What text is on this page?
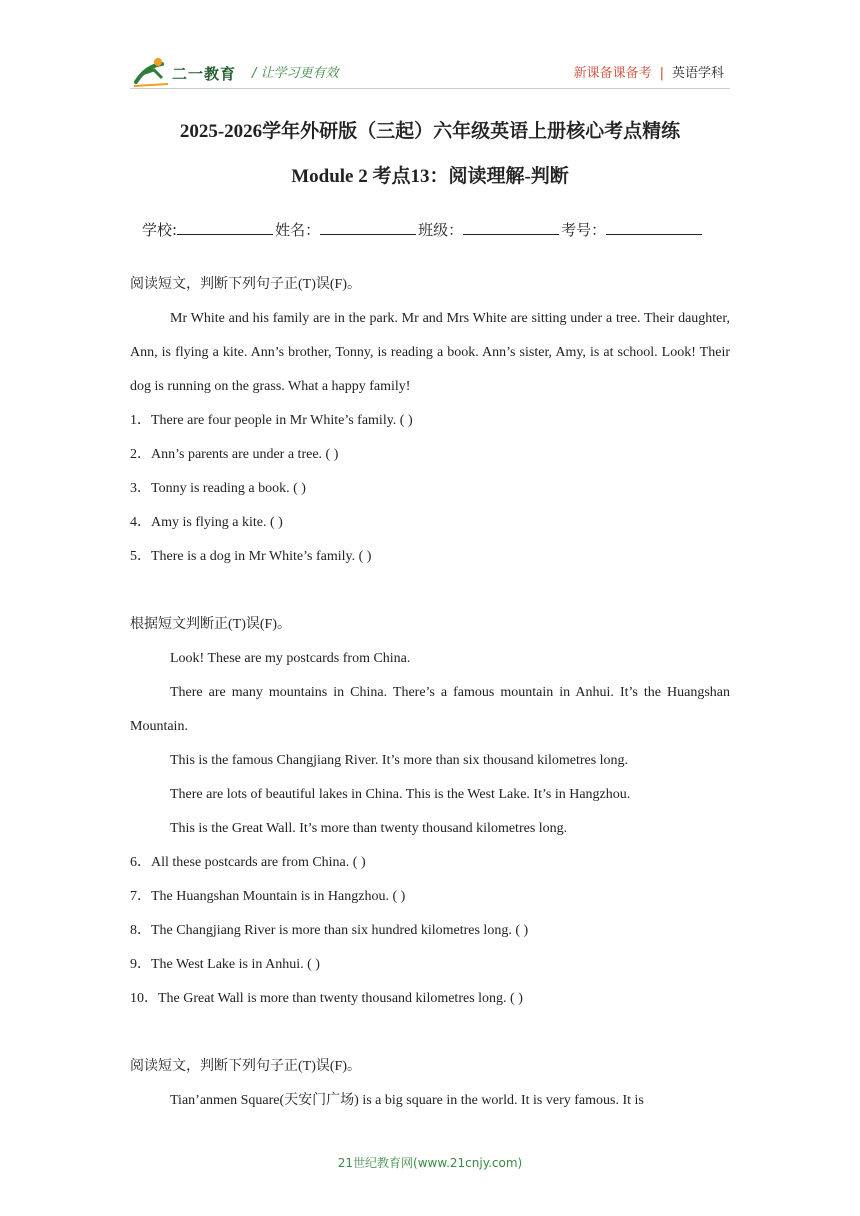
二一教育 / 让学习更有效	新课备课备考 | 英语学科
2025-2026学年外研版（三起）六年级英语上册核心考点精练
Module 2 考点13：阅读理解-判断
学校:	姓名：	班级：	考号：

阅读短文，判断下列句子正(T)误(F)。

Mr White and his family are in the park. Mr and Mrs White are sitting under a tree. Their daughter, Ann, is flying a kite. Ann’s brother, Tonny, is reading a book. Ann’s sister, Amy, is at school. Look! Their dog is running on the grass. What a happy family!

1．There are four people in Mr White’s family. ( )

2．Ann’s parents are under a tree. ( )

3．Tonny is reading a book. ( )

4．Amy is flying a kite. ( )

5．There is a dog in Mr White’s family. ( )

根据短文判断正(T)误(F)。

Look! These are my postcards from China.

There are many mountains in China. There’s a famous mountain in Anhui. It’s the Huangshan Mountain.

This is the famous Changjiang River. It’s more than six thousand kilometres long.

There are lots of beautiful lakes in China. This is the West Lake. It’s in Hangzhou.

This is the Great Wall. It’s more than twenty thousand kilometres long.

6．All these postcards are from China. ( )

7．The Huangshan Mountain is in Hangzhou. ( )

8．The Changjiang River is more than six hundred kilometres long. ( )

9．The West Lake is in Anhui. ( )

10．The Great Wall is more than twenty thousand kilometres long. ( )

阅读短文，判断下列句子正(T)误(F)。

Tian’anmen Square(天安门广场) is a big square in the world. It is very famous. It is

21世纪教育网(www.21cnjy.com)
